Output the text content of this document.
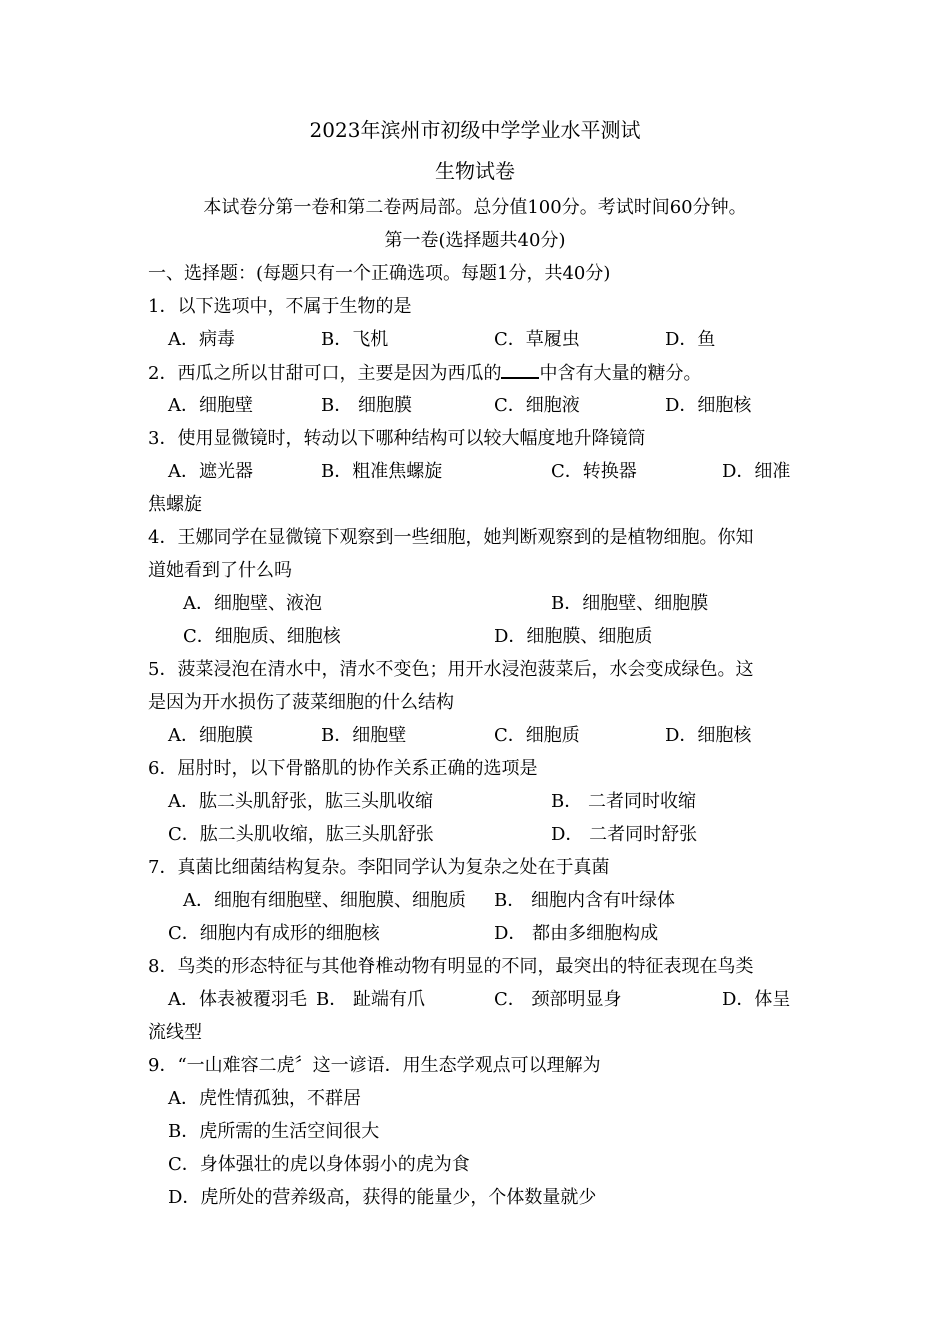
2023年滨州市初级中学学业水平测试
生物试卷
本试卷分第一卷和第二卷两局部。总分值100分。考试时间60分钟。
第一卷(选择题共40分)
一、选择题：(每题只有一个正确选项。每题1分，共40分)
1．以下选项中，不属于生物的是
A．病毒	B．飞机	C．草履虫	D．鱼
2．西瓜之所以甘甜可口，主要是因为西瓜的 中含有大量的糖分。
A．细胞壁	B． 细胞膜	C．细胞液	D．细胞核
3．使用显微镜时，转动以下哪种结构可以较大幅度地升降镜筒
A．遮光器	B．粗准焦螺旋	C．转换器	D．细准
焦螺旋
4．王娜同学在显微镜下观察到一些细胞，她判断观察到的是植物细胞。你知
道她看到了什么吗
A．细胞壁、液泡	B．细胞壁、细胞膜
C．细胞质、细胞核	D．细胞膜、细胞质
5．菠菜浸泡在清水中，清水不变色；用开水浸泡菠菜后，水会变成绿色。这
是因为开水损伤了菠菜细胞的什么结构
A．细胞膜	B．细胞壁	C．细胞质	D．细胞核
6．屈肘时，以下骨骼肌的协作关系正确的选项是
A．肱二头肌舒张，肱三头肌收缩	B． 二者同时收缩
C．肱二头肌收缩，肱三头肌舒张	D． 二者同时舒张
7．真菌比细菌结构复杂。李阳同学认为复杂之处在于真菌
A．细胞有细胞壁、细胞膜、细胞质 B． 细胞内含有叶绿体
C．细胞内有成形的细胞核	D． 都由多细胞构成
8．鸟类的形态特征与其他脊椎动物有明显的不同，最突出的特征表现在鸟类
A．体表被覆羽毛 B． 趾端有爪	C． 颈部明显身	D．体呈
流线型
9．“一山难容二虎〞这一谚语．用生态学观点可以理解为
A．虎性情孤独，不群居
B．虎所需的生活空间很大
C．身体强壮的虎以身体弱小的虎为食
D．虎所处的营养级高，获得的能量少，个体数量就少
